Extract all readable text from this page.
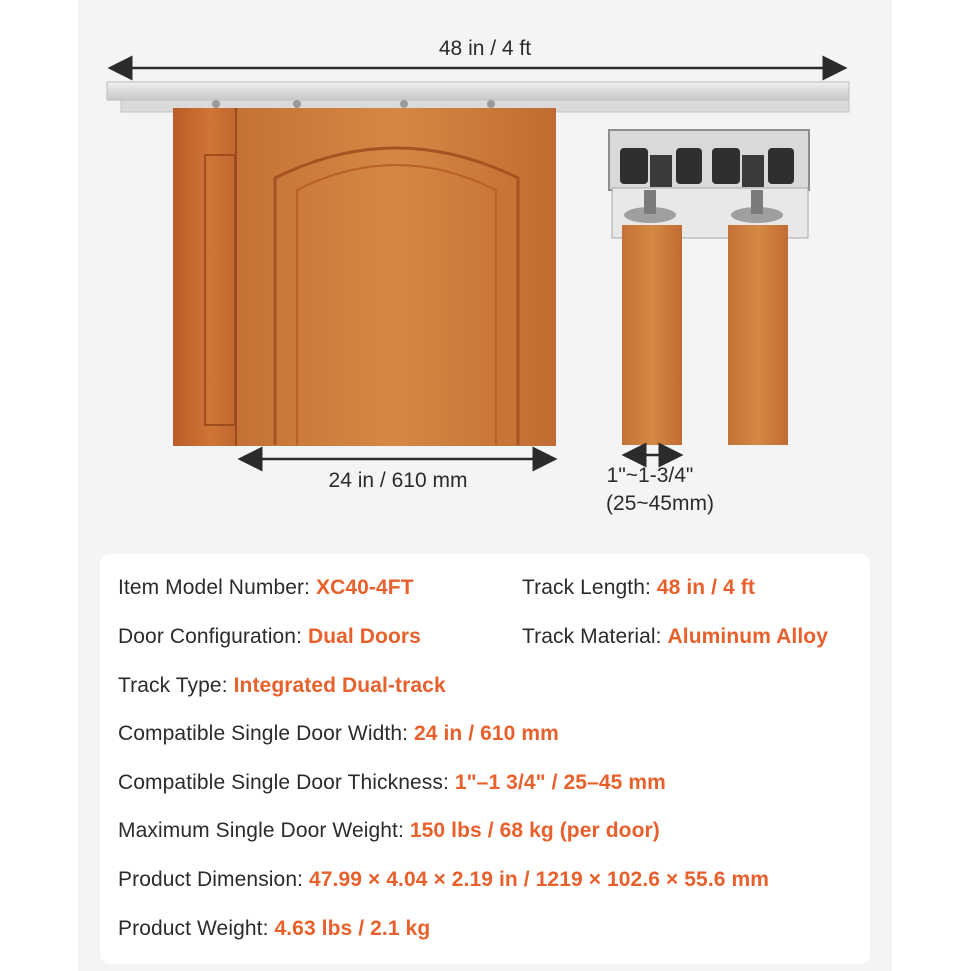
48 in / 4 ft
24 in / 610 mm	1"~1-3/4"
(25~45mm)
Item Model Number: XC40-4FT	Track Length: 48 in / 4 ft
Door Configuration: Dual Doors	Track Material: Aluminum Alloy
Track Type: Integrated Dual-track
Compatible Single Door Width: 24 in / 610 mm
Compatible Single Door Thickness: 1"–1 3/4" / 25–45 mm
Maximum Single Door Weight: 150 lbs / 68 kg (per door)
Product Dimension: 47.99 × 4.04 × 2.19 in / 1219 × 102.6 × 55.6 mm
Product Weight: 4.63 lbs / 2.1 kg
